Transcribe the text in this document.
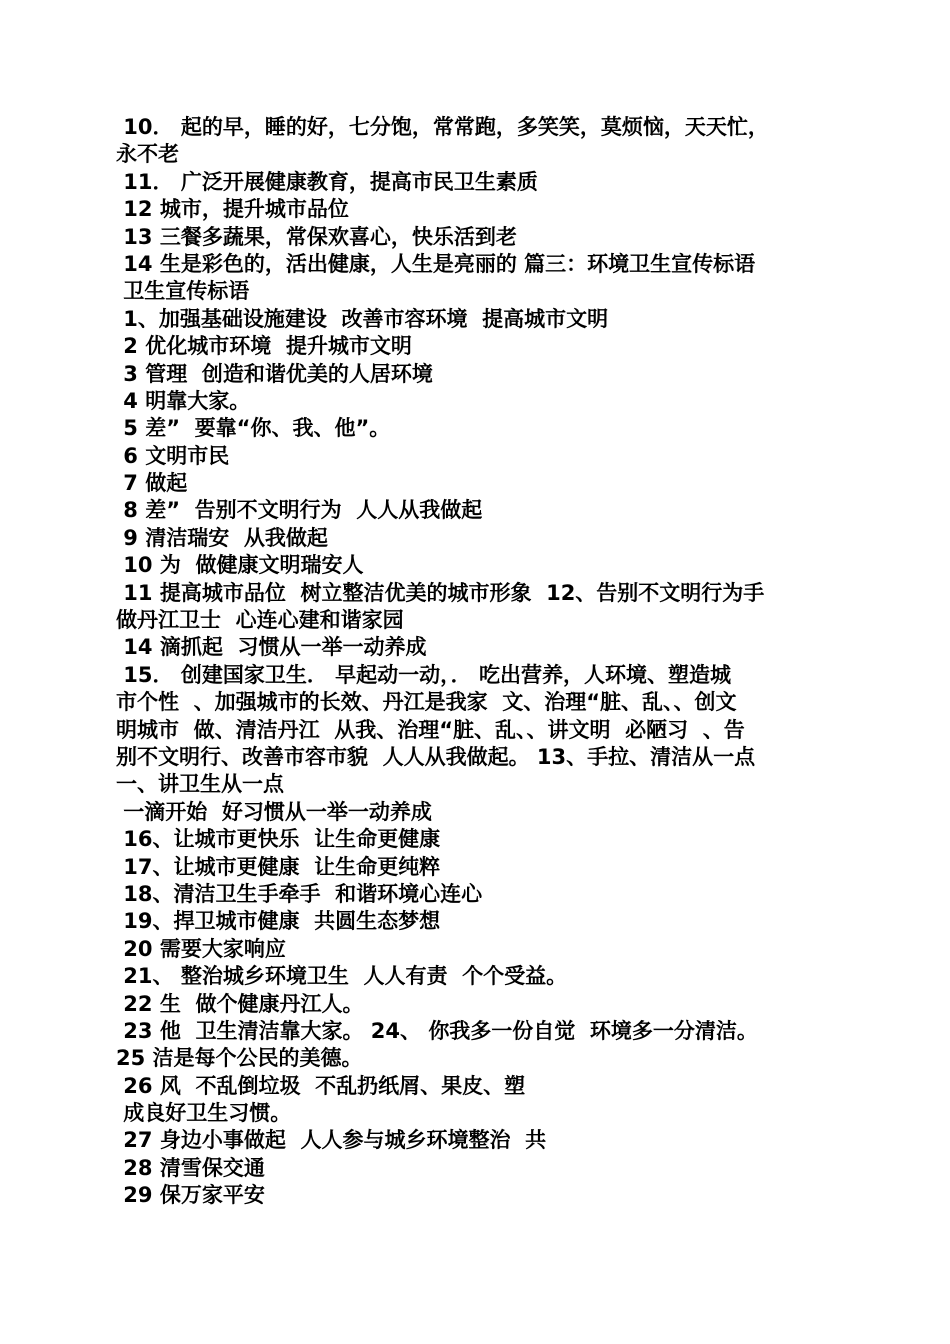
10． 起的早，睡的好，七分饱，常常跑，多笑笑，莫烦恼，天天忙，
永不老
11． 广泛开展健康教育，提高市民卫生素质
12 城市，提升城市品位
13 三餐多蔬果，常保欢喜心，快乐活到老
14 生是彩色的，活出健康，人生是亮丽的 篇三：环境卫生宣传标语
卫生宣传标语
1、加强基础设施建设  改善市容环境  提高城市文明
2 优化城市环境  提升城市文明
3 管理  创造和谐优美的人居环境
4 明靠大家。
5 差”  要靠“你、我、他”。
6 文明市民
7 做起
8 差”  告别不文明行为  人人从我做起
9 清洁瑞安  从我做起
10 为  做健康文明瑞安人
11 提高城市品位  树立整洁优美的城市形象  12、告别不文明行为手
做丹江卫士  心连心建和谐家园
14 滴抓起  习惯从一举一动养成
15． 创建国家卫生． 早起动一动，． 吃出营养，人环境、塑造城
市个性  、加强城市的长效、丹江是我家  文、治理“脏、乱、、创文
明城市  做、清洁丹江  从我、治理“脏、乱、、讲文明  必陋习  、告
别不文明行、改善市容市貌  人人从我做起。 13、手拉、清洁从一点
一、讲卫生从一点
一滴开始  好习惯从一举一动养成
16、让城市更快乐  让生命更健康
17、让城市更健康  让生命更纯粹
18、清洁卫生手牵手  和谐环境心连心
19、捍卫城市健康  共圆生态梦想
20 需要大家响应
21、 整治城乡环境卫生  人人有责  个个受益。
22 生  做个健康丹江人。
23 他  卫生清洁靠大家。 24、 你我多一份自觉  环境多一分清洁。
25 洁是每个公民的美德。
26 风  不乱倒垃圾  不乱扔纸屑、果皮、塑
成良好卫生习惯。
27 身边小事做起  人人参与城乡环境整治  共
28 清雪保交通
29 保万家平安
